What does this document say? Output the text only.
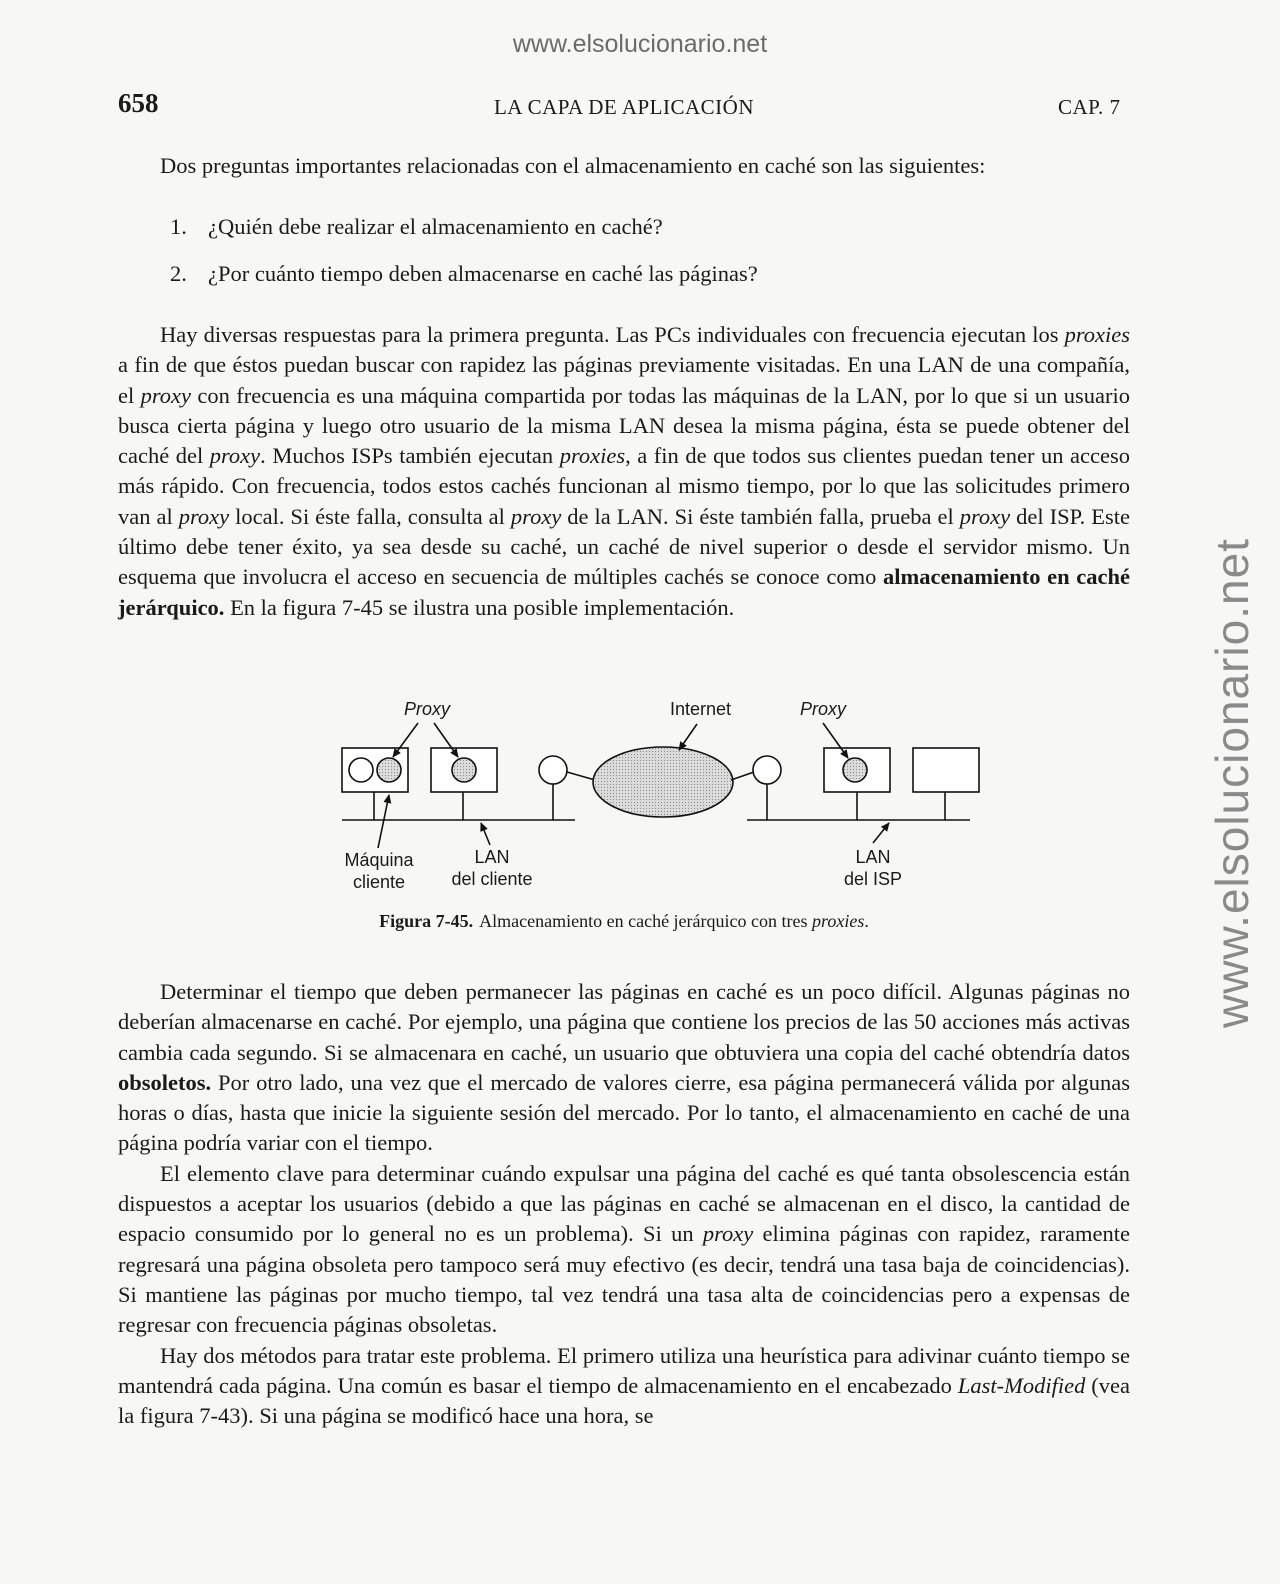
www.elsolucionario.net
www.elsolucionario.net
658	LA CAPA DE APLICACIÓN	CAP. 7

Dos preguntas importantes relacionadas con el almacenamiento en caché son las siguientes:

1. ¿Quién debe realizar el almacenamiento en caché?
2. ¿Por cuánto tiempo deben almacenarse en caché las páginas?

Hay diversas respuestas para la primera pregunta. Las PCs individuales con frecuencia ejecutan los proxies a fin de que éstos puedan buscar con rapidez las páginas previamente visitadas. En una LAN de una compañía, el proxy con frecuencia es una máquina compartida por todas las máquinas de la LAN, por lo que si un usuario busca cierta página y luego otro usuario de la misma LAN desea la misma página, ésta se puede obtener del caché del proxy. Muchos ISPs también ejecutan proxies, a fin de que todos sus clientes puedan tener un acceso más rápido. Con frecuencia, todos estos cachés funcionan al mismo tiempo, por lo que las solicitudes primero van al proxy local. Si éste falla, consulta al proxy de la LAN. Si éste también falla, prueba el proxy del ISP. Este último debe tener éxito, ya sea desde su caché, un caché de nivel superior o desde el servidor mismo. Un esquema que involucra el acceso en secuencia de múltiples cachés se conoce como almacenamiento en caché jerárquico. En la figura 7-45 se ilustra una posible implementación.

Proxy	Internet	Proxy
Máquina
cliente
LAN
del cliente
LAN
del ISP
Figura 7-45. Almacenamiento en caché jerárquico con tres proxies.

Determinar el tiempo que deben permanecer las páginas en caché es un poco difícil. Algunas páginas no deberían almacenarse en caché. Por ejemplo, una página que contiene los precios de las 50 acciones más activas cambia cada segundo. Si se almacenara en caché, un usuario que obtuviera una copia del caché obtendría datos obsoletos. Por otro lado, una vez que el mercado de valores cierre, esa página permanecerá válida por algunas horas o días, hasta que inicie la siguiente sesión del mercado. Por lo tanto, el almacenamiento en caché de una página podría variar con el tiempo.

El elemento clave para determinar cuándo expulsar una página del caché es qué tanta obsolescencia están dispuestos a aceptar los usuarios (debido a que las páginas en caché se almacenan en el disco, la cantidad de espacio consumido por lo general no es un problema). Si un proxy elimina páginas con rapidez, raramente regresará una página obsoleta pero tampoco será muy efectivo (es decir, tendrá una tasa baja de coincidencias). Si mantiene las páginas por mucho tiempo, tal vez tendrá una tasa alta de coincidencias pero a expensas de regresar con frecuencia páginas obsoletas.

Hay dos métodos para tratar este problema. El primero utiliza una heurística para adivinar cuánto tiempo se mantendrá cada página. Una común es basar el tiempo de almacenamiento en el encabezado Last-Modified (vea la figura 7-43). Si una página se modificó hace una hora, se
